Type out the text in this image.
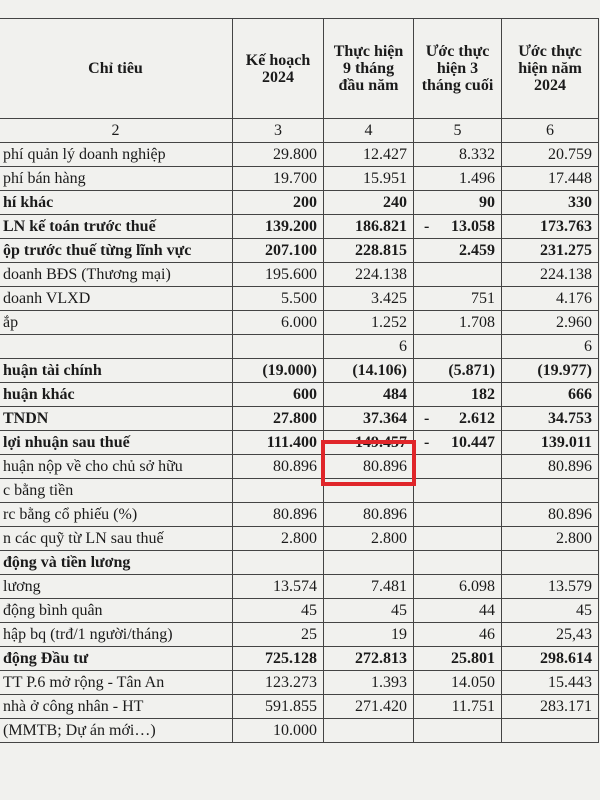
Chỉ tiêu	Kế hoạch 2024	Thực hiện 9 tháng đầu năm	Ước thực hiện 3 tháng cuối	Ước thực hiện năm 2024
2	3	4	5	6
phí quản lý doanh nghiệp	29.800	12.427	8.332	20.759
phí bán hàng	19.700	15.951	1.496	17.448
hí khác	200	240	90	330
LN kế toán trước thuế	139.200	186.821	- 13.058	173.763
ộp trước thuế từng lĩnh vực	207.100	228.815	2.459	231.275
doanh BĐS (Thương mại)	195.600	224.138		224.138
doanh VLXD	5.500	3.425	751	4.176
ắp	6.000	1.252	1.708	2.960
		6		6
huận tài chính	(19.000)	(14.106)	(5.871)	(19.977)
huận khác	600	484	182	666
TNDN	27.800	37.364	- 2.612	34.753
lợi nhuận sau thuế	111.400	149.457	- 10.447	139.011
huận nộp về cho chủ sở hữu	80.896	80.896		80.896
c bằng tiền			

rc bằng cổ phiếu (%)	80.896	80.896		80.896
n các quỹ từ LN sau thuế	2.800	2.800		2.800
động và tiền lương			

lương	13.574	7.481	6.098	13.579
động bình quân	45	45	44	45
hập bq (trđ/1 người/tháng)	25	19	46	25,43
động Đầu tư	725.128	272.813	25.801	298.614
TT P.6 mở rộng - Tân An	123.273	1.393	14.050	15.443
nhà ở công nhân - HT	591.855	271.420	11.751	283.171
(MMTB; Dự án mới…)	10.000		
